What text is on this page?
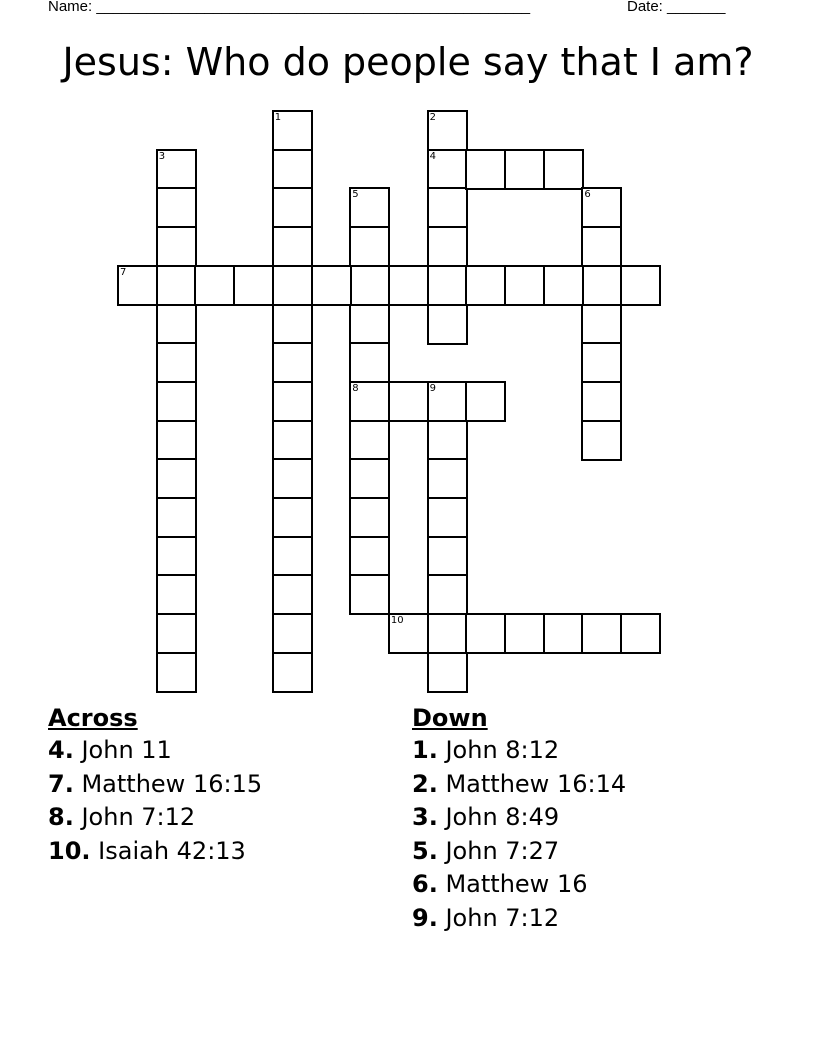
Name: ____________________________________________________	Date: _______
Jesus: Who do people say that I am?
1	2
4
3
5
8
6
7
9
10
Across
4. John 11
7. Matthew 16:15
8. John 7:12
10. Isaiah 42:13
Down
1. John 8:12
2. Matthew 16:14
3. John 8:49
5. John 7:27
6. Matthew 16
9. John 7:12
